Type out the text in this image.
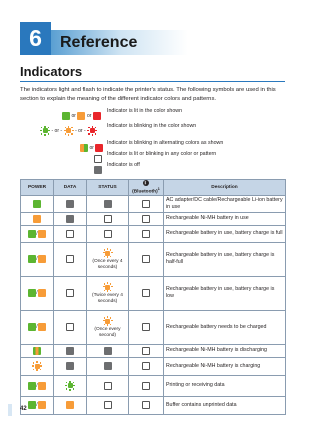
6	Reference
Indicators
The indicators light and flash to indicate the printer's status. The following symbols are used in this section to explain the meaning of the different indicator colors and patterns.
or or
Indicator is lit in the color shown
- or -	- or -
Indicator is blinking in the color shown
or
Indicator is blinking in alternating colors as shown
Indicator is lit or blinking in any color or pattern
Indicator is off
POWER	DATA	STATUS	ᛒ(Bluetooth)$^1$	Description
				AC adapter/DC cable/Rechargeable Li-ion battery in use
				Rechargeable Ni-MH battery in use
/				Rechargeable battery in use, battery charge is full
/		(Once every 4 seconds)		Rechargeable battery in use, battery charge is half-full
/		(Twice every 4 seconds)		Rechargeable battery in use, battery charge is low
/		(Once every second)		Rechargeable battery needs to be charged
				Rechargeable Ni-MH battery is discharging

				Rechargeable Ni-MH battery is charging
/				Printing or receiving data
/				Buffer contains unprinted data
42
